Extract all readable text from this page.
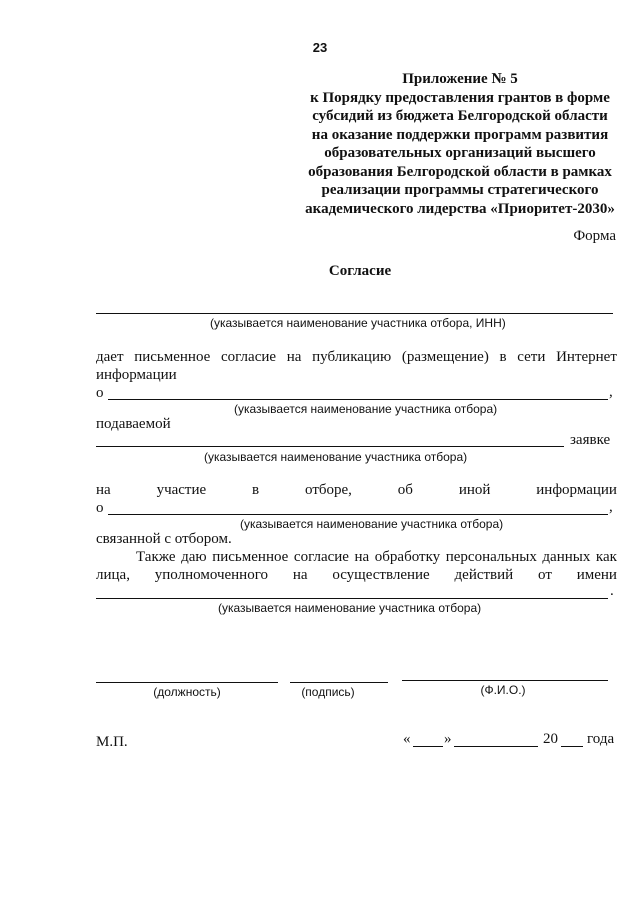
23
Приложение № 5
к Порядку предоставления грантов в форме
субсидий из бюджета Белгородской области
на оказание поддержки программ развития
образовательных организаций высшего
образования Белгородской области в рамках
реализации программы стратегического
академического лидерства «Приоритет-2030»
Форма
Согласие
(указывается наименование участника отбора, ИНН)
дает письменное согласие на публикацию (размещение) в сети Интернет
информации
о	,
(указывается наименование участника отбора)
подаваемой
заявке
(указывается наименование участника отбора)
на	участие	в	отборе,	об	иной	информации
о	,
(указывается наименование участника отбора)
связанной с отбором.
Также даю письменное согласие на обработку персональных данных как
лица, уполномоченного на осуществление действий от имени
.
(указывается наименование участника отбора)
(должность)	(подпись)	(Ф.И.О.)
М.П.	« »	20 года
